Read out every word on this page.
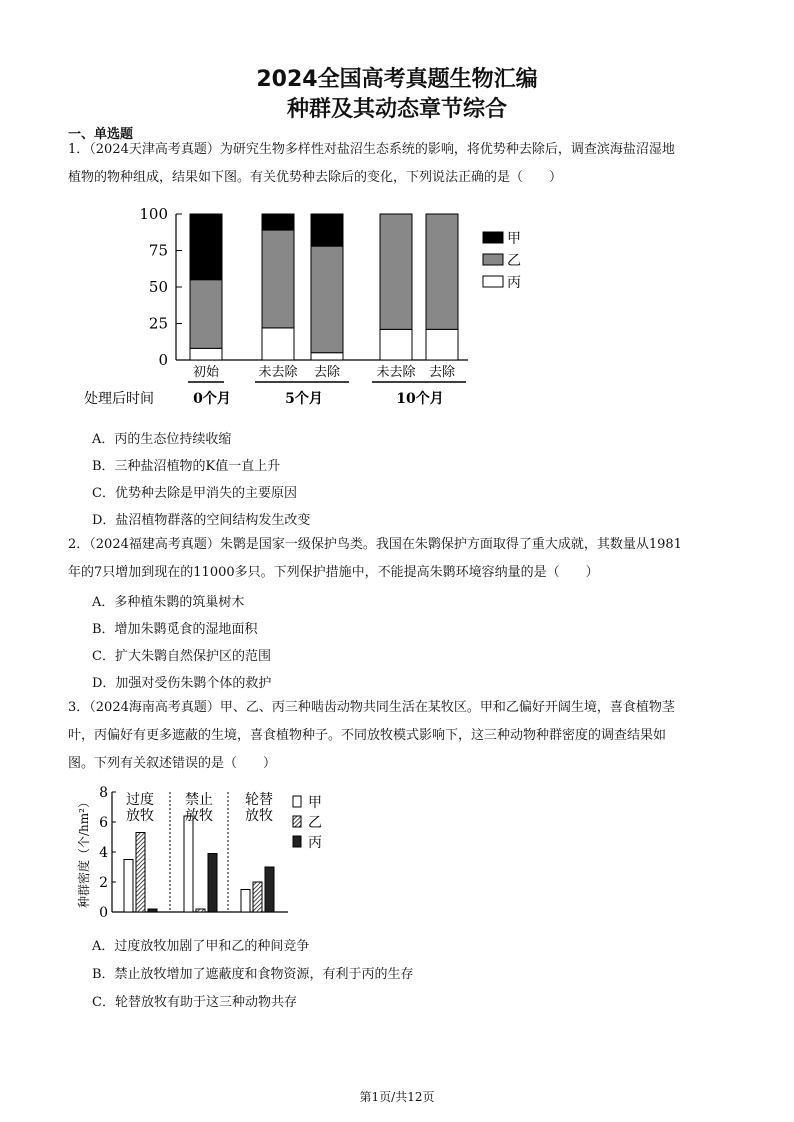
2024全国高考真题生物汇编
种群及其动态章节综合
一、单选题
1．（2024天津高考真题）为研究生物多样性对盐沼生态系统的影响，将优势种去除后，调查滨海盐沼湿地
植物的物种组成，结果如下图。有关优势种去除后的变化，下列说法正确的是（　　）
0
25
50
75
100
初始	未去除 去除	未去除 去除
0个月	5个月	10个月
处理后时间
甲
乙
丙
A．丙的生态位持续收缩
B．三种盐沼植物的K值一直上升
C．优势种去除是甲消失的主要原因
D．盐沼植物群落的空间结构发生改变
2．（2024福建高考真题）朱鹮是国家一级保护鸟类。我国在朱鹮保护方面取得了重大成就，其数量从1981
年的7只增加到现在的11000多只。下列保护措施中，不能提高朱鹮环境容纳量的是（　　）
A．多种植朱鹮的筑巢树木
B．增加朱鹮觅食的湿地面积
C．扩大朱鹮自然保护区的范围
D．加强对受伤朱鹮个体的救护
3．（2024海南高考真题）甲、乙、丙三种啮齿动物共同生活在某牧区。甲和乙偏好开阔生境，喜食植物茎
叶，丙偏好有更多遮蔽的生境，喜食植物种子。不同放牧模式影响下，这三种动物种群密度的调查结果如
图。下列有关叙述错误的是（　　）
0
2
4
6
8
种群密度（个/hm²）	过度
放牧
禁止
放牧
轮替
放牧
甲
乙
丙
A．过度放牧加剧了甲和乙的种间竞争
B．禁止放牧增加了遮蔽度和食物资源，有利于丙的生存
C．轮替放牧有助于这三种动物共存
第1页/共12页
